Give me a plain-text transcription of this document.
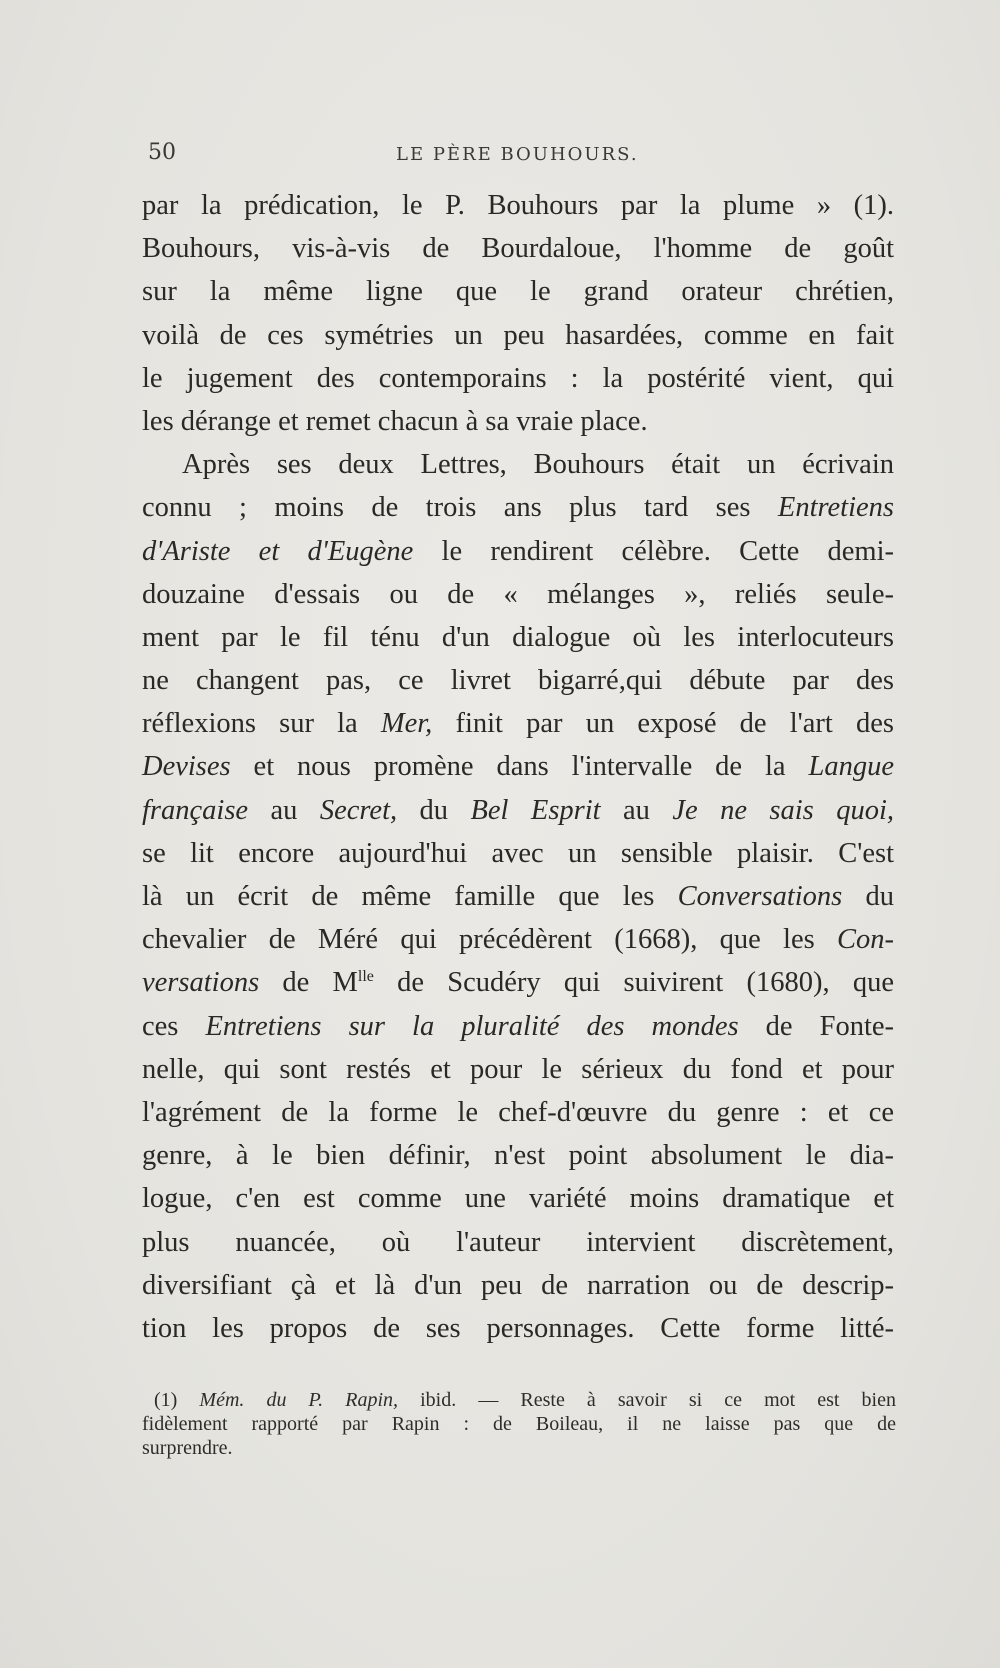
50	LE PÈRE BOUHOURS.
par la prédication, le P. Bouhours par la plume » (1).
Bouhours, vis-à-vis de Bourdaloue, l'homme de goût
sur la même ligne que le grand orateur chrétien,
voilà de ces symétries un peu hasardées, comme en fait
le jugement des contemporains : la postérité vient, qui
les dérange et remet chacun à sa vraie place.
Après ses deux Lettres, Bouhours était un écrivain
connu ; moins de trois ans plus tard ses Entretiens
d'Ariste et d'Eugène le rendirent célèbre. Cette demi-
douzaine d'essais ou de « mélanges », reliés seule-
ment par le fil ténu d'un dialogue où les interlocuteurs
ne changent pas, ce livret bigarré,qui débute par des
réflexions sur la Mer, finit par un exposé de l'art des
Devises et nous promène dans l'intervalle de la Langue
française au Secret, du Bel Esprit au Je ne sais quoi,
se lit encore aujourd'hui avec un sensible plaisir. C'est
là un écrit de même famille que les Conversations du
chevalier de Méré qui précédèrent (1668), que les Con-
versations de $M^{lle}$ de Scudéry qui suivirent (1680), que
ces Entretiens sur la pluralité des mondes de Fonte-
nelle, qui sont restés et pour le sérieux du fond et pour
l'agrément de la forme le chef-d'œuvre du genre : et ce
genre, à le bien définir, n'est point absolument le dia-
logue, c'en est comme une variété moins dramatique et
plus nuancée, où l'auteur intervient discrètement,
diversifiant çà et là d'un peu de narration ou de descrip-
tion les propos de ses personnages. Cette forme litté-
(1) Mém. du P. Rapin, ibid. — Reste à savoir si ce mot est bien
fidèlement rapporté par Rapin : de Boileau, il ne laisse pas que de
surprendre.
